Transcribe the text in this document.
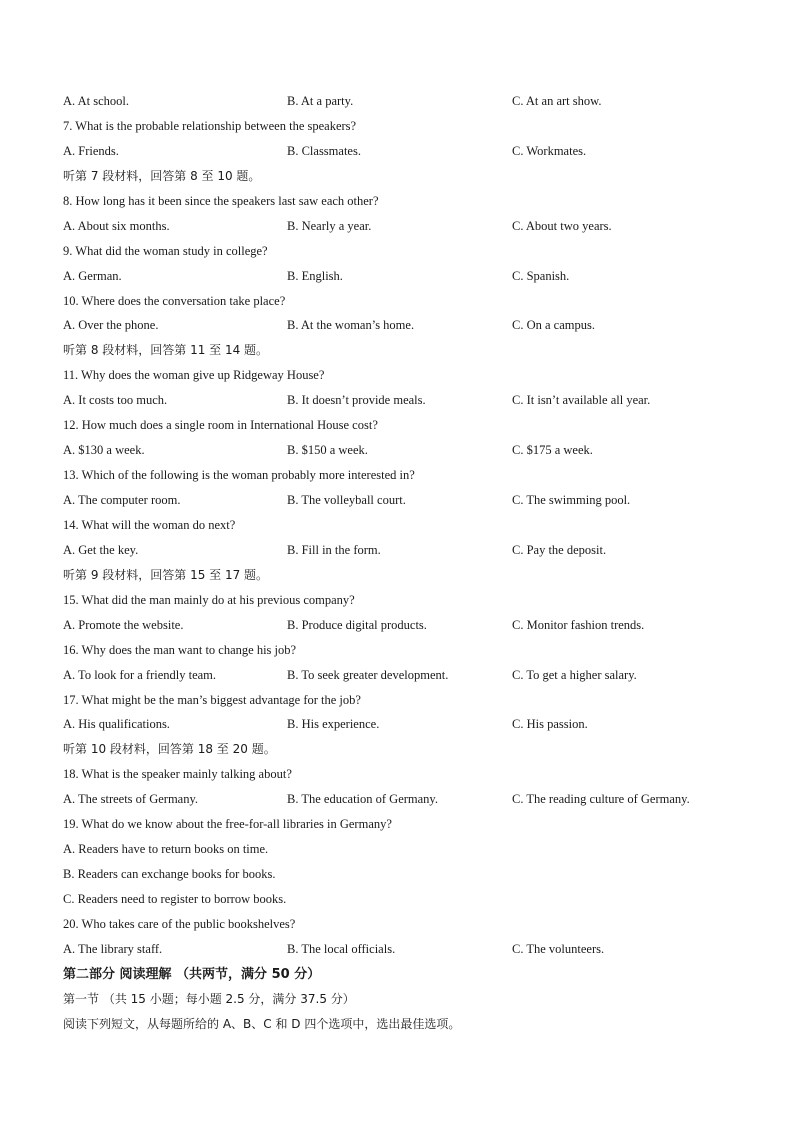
A. At school.	B. At a party.	C. At an art show.
7. What is the probable relationship between the speakers?
A. Friends.	B. Classmates.	C. Workmates.
听第 7 段材料，回答第 8 至 10 题。
8. How long has it been since the speakers last saw each other?
A. About six months.	B. Nearly a year.	C. About two years.
9. What did the woman study in college?
A. German.	B. English.	C. Spanish.
10. Where does the conversation take place?
A. Over the phone.	B. At the woman’s home.	C. On a campus.
听第 8 段材料，回答第 11 至 14 题。
11. Why does the woman give up Ridgeway House?
A. It costs too much.	B. It doesn’t provide meals.	C. It isn’t available all year.
12. How much does a single room in International House cost?
A. $130 a week.	B. $150 a week.	C. $175 a week.
13. Which of the following is the woman probably more interested in?
A. The computer room.	B. The volleyball court.	C. The swimming pool.
14. What will the woman do next?
A. Get the key.	B. Fill in the form.	C. Pay the deposit.
听第 9 段材料，回答第 15 至 17 题。
15. What did the man mainly do at his previous company?
A. Promote the website.	B. Produce digital products.	C. Monitor fashion trends.
16. Why does the man want to change his job?
A. To look for a friendly team.	B. To seek greater development.	C. To get a higher salary.
17. What might be the man’s biggest advantage for the job?
A. His qualifications.	B. His experience.	C. His passion.
听第 10 段材料，回答第 18 至 20 题。
18. What is the speaker mainly talking about?
A. The streets of Germany.	B. The education of Germany.	C. The reading culture of Germany.
19. What do we know about the free-for-all libraries in Germany?
A. Readers have to return books on time.
B. Readers can exchange books for books.
C. Readers need to register to borrow books.
20. Who takes care of the public bookshelves?
A. The library staff.	B. The local officials.	C. The volunteers.
第二部分 阅读理解 （共两节，满分 50 分）
第一节 （共 15 小题；每小题 2.5 分，满分 37.5 分）
阅读下列短文，从每题所给的 A、B、C 和 D 四个选项中，选出最佳选项。
